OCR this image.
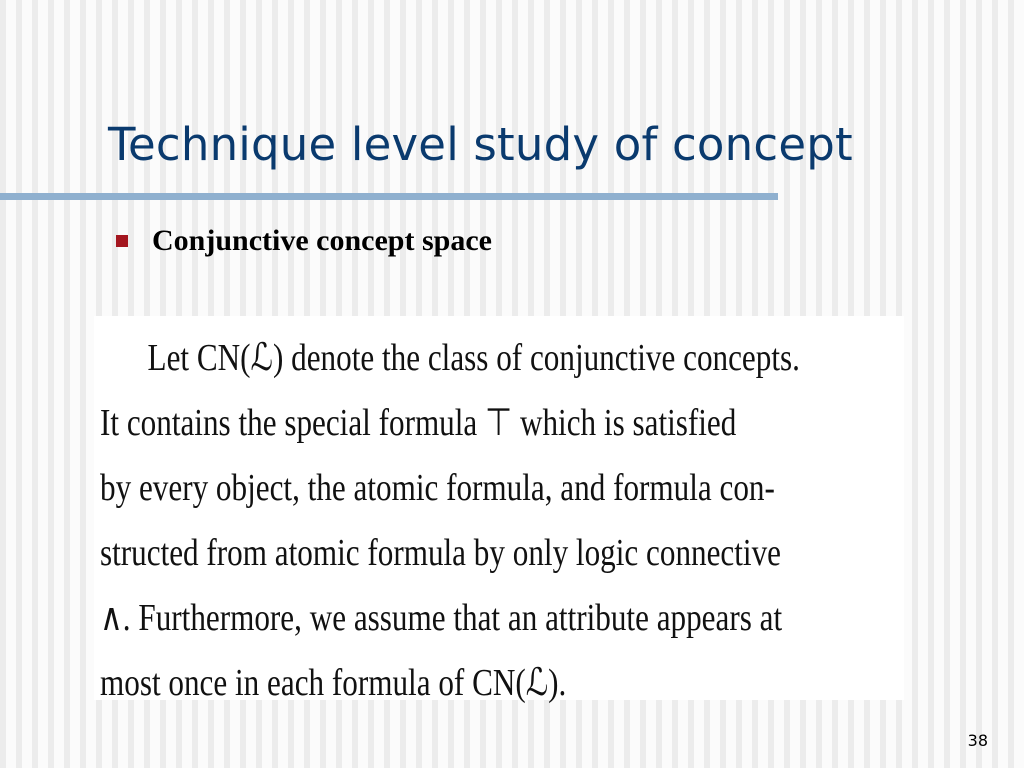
Technique level study of concept
Conjunctive concept space
Let CN(ℒ) denote the class of conjunctive concepts.
It contains the special formula ⊤ which is satisfied
by every object, the atomic formula, and formula con-
structed from atomic formula by only logic connective
∧. Furthermore, we assume that an attribute appears at
most once in each formula of CN(ℒ).
38
